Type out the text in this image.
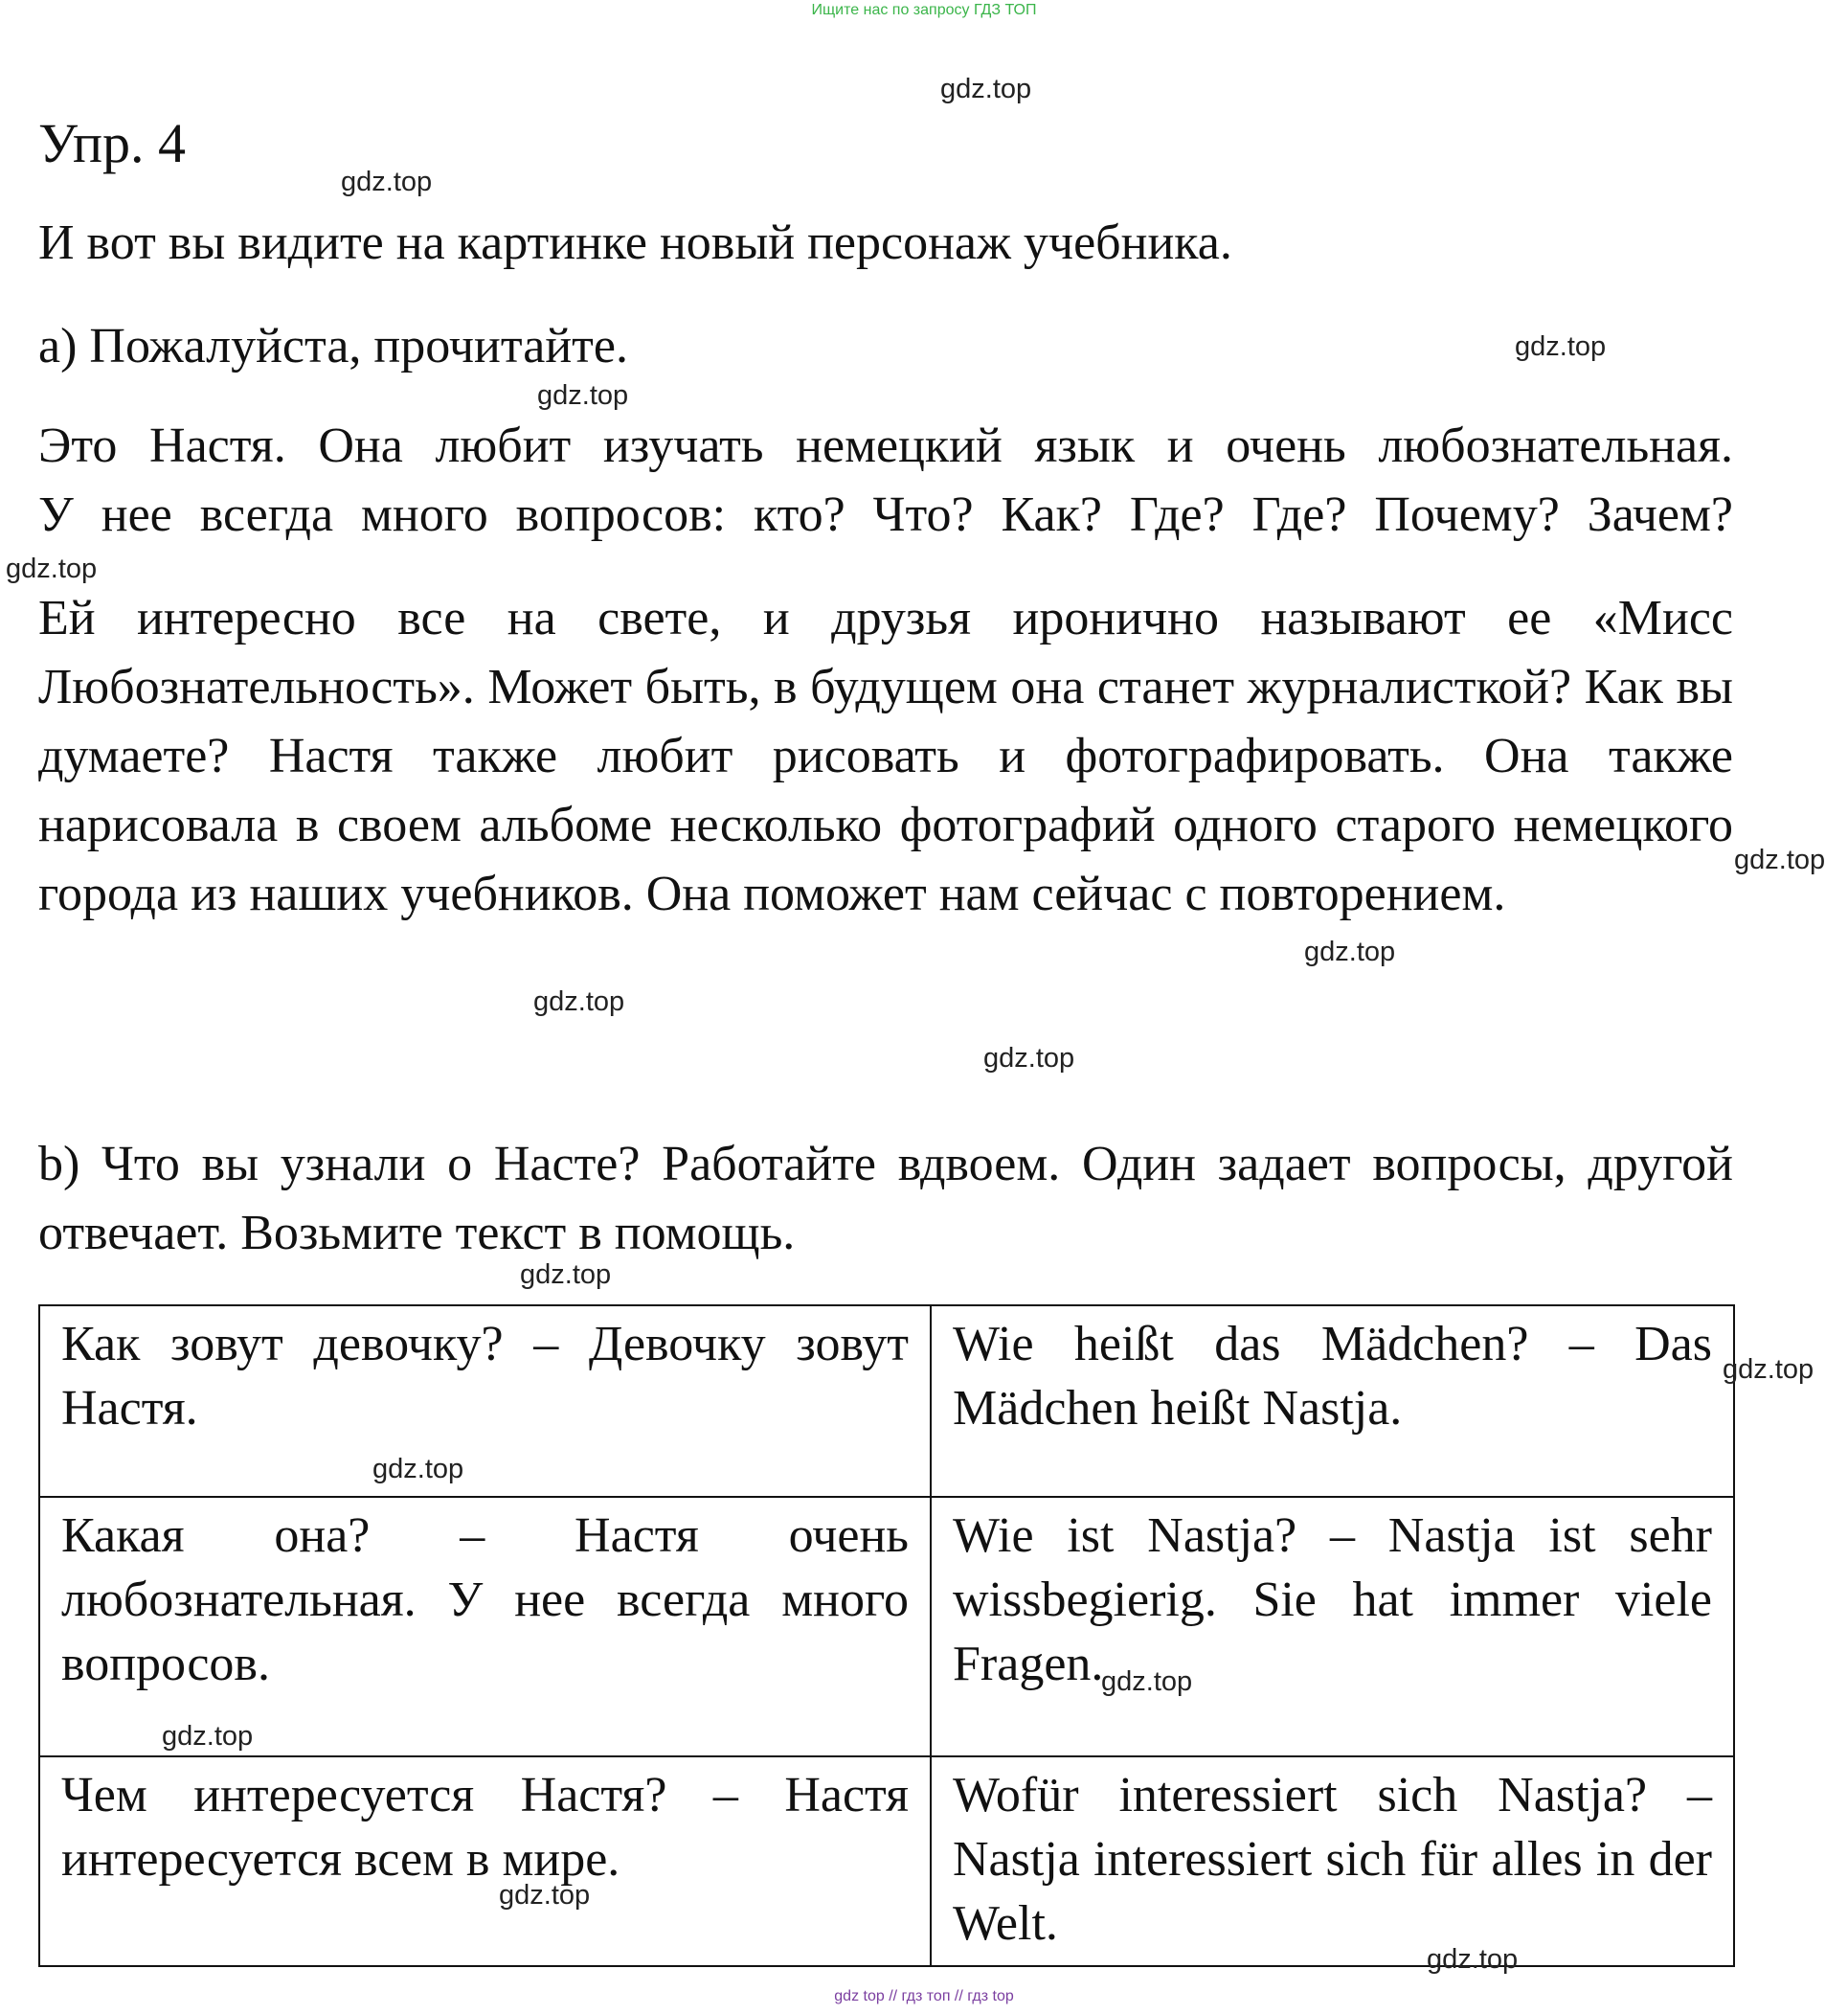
Ищите нас по запросу ГДЗ ТОП
Упр. 4
И вот вы видите на картинке новый персонаж учебника.
а) Пожалуйста, прочитайте.
Это Настя. Она любит изучать немецкий язык и очень любознательная.
У нее всегда много вопросов: кто? Что? Как? Где? Где? Почему? Зачем?
Ей интересно все на свете, и друзья иронично называют ее «Мисс Любознательность». Может быть, в будущем она станет журналисткой? Как вы думаете? Настя также любит рисовать и фотографировать. Она также нарисовала в своем альбоме несколько фотографий одного старого немецкого города из наших учебников. Она поможет нам сейчас с повторением.
b) Что вы узнали о Насте? Работайте вдвоем. Один задает вопросы, другой отвечает. Возьмите текст в помощь.
Как зовут девочку? – Девочку зовут Настя.	Wie heißt das Mädchen? – Das Mädchen heißt Nastja.
Какая она? – Настя очень любознательная. У нее всегда много вопросов.	Wie ist Nastja? – Nastja ist sehr wissbegierig. Sie hat immer viele Fragen.
Чем интересуется Настя? – Настя интересуется всем в мире.	Wofür interessiert sich Nastja? – Nastja interessiert sich für alles in der Welt.
gdz.top
gdz.top
gdz.top
gdz.top
gdz.top
gdz.top
gdz.top
gdz.top
gdz.top
gdz.top
gdz.top
gdz.top
gdz.top
gdz.top
gdz.top
gdz.top
gdz top // гдз топ // гдз top
